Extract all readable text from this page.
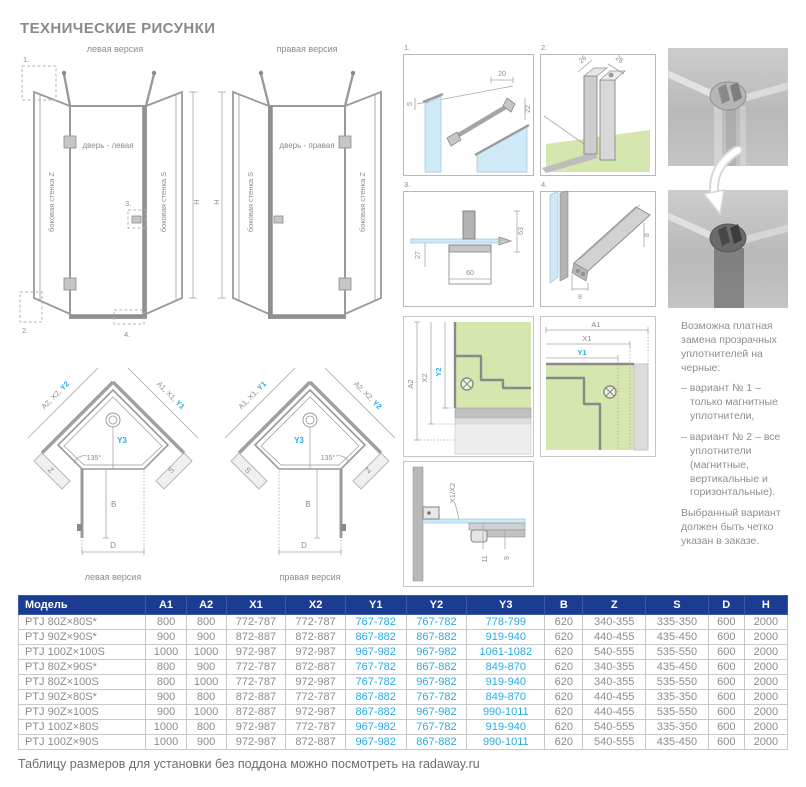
ТЕХНИЧЕСКИЕ РИСУНКИ
левая версия
боковая стенка Z
дверь - левая
боковая стенка S	H
1.
2.
3.
4.
правая версия
боковая стенка S
дверь - правая
боковая стенка Z
H
1.
20
5
22
2.
26	26
3.
60
63
27
4.
8
8
A2
X2
Y2
A1
X1
Y1
X1/X2
11 9
Z	S
Y3
A2, X2, Y2	A1, X1, Y1
135°
B
D
левая версия
S	Z
Y3
A1, X1, Y1	A2, X2, Y2
135°
B
D
правая версия

Возможна платная замена прозрачных уплотнителей на черные:

– вариант № 1 – только магнитные уплотнители,
– вариант № 2 – все уплотнители (магнитные, вертикальные и горизонтальные).

Выбранный вариант должен быть четко указан в заказе.

Модель	A1	A2	X1	X2	Y1	Y2	Y3	B	Z	S	D	H
PTJ 80Z×80S*	800	800	772-787	772-787	767-782	767-782	778-799	620	340-355	335-350	600	2000
PTJ 90Z×90S*	900	900	872-887	872-887	867-882	867-882	919-940	620	440-455	435-450	600	2000
PTJ 100Z×100S	1000	1000	972-987	972-987	967-982	967-982	1061-1082	620	540-555	535-550	600	2000
PTJ 80Z×90S*	800	900	772-787	872-887	767-782	867-882	849-870	620	340-355	435-450	600	2000
PTJ 80Z×100S	800	1000	772-787	972-987	767-782	967-982	919-940	620	340-355	535-550	600	2000
PTJ 90Z×80S*	900	800	872-887	772-787	867-882	767-782	849-870	620	440-455	335-350	600	2000
PTJ 90Z×100S	900	1000	872-887	972-987	867-882	967-982	990-1011	620	440-455	535-550	600	2000
PTJ 100Z×80S	1000	800	972-987	772-787	967-982	767-782	919-940	620	540-555	335-350	600	2000
PTJ 100Z×90S	1000	900	972-987	872-887	967-982	867-882	990-1011	620	540-555	435-450	600	2000
Таблицу размеров для установки без поддона можно посмотреть на radaway.ru
